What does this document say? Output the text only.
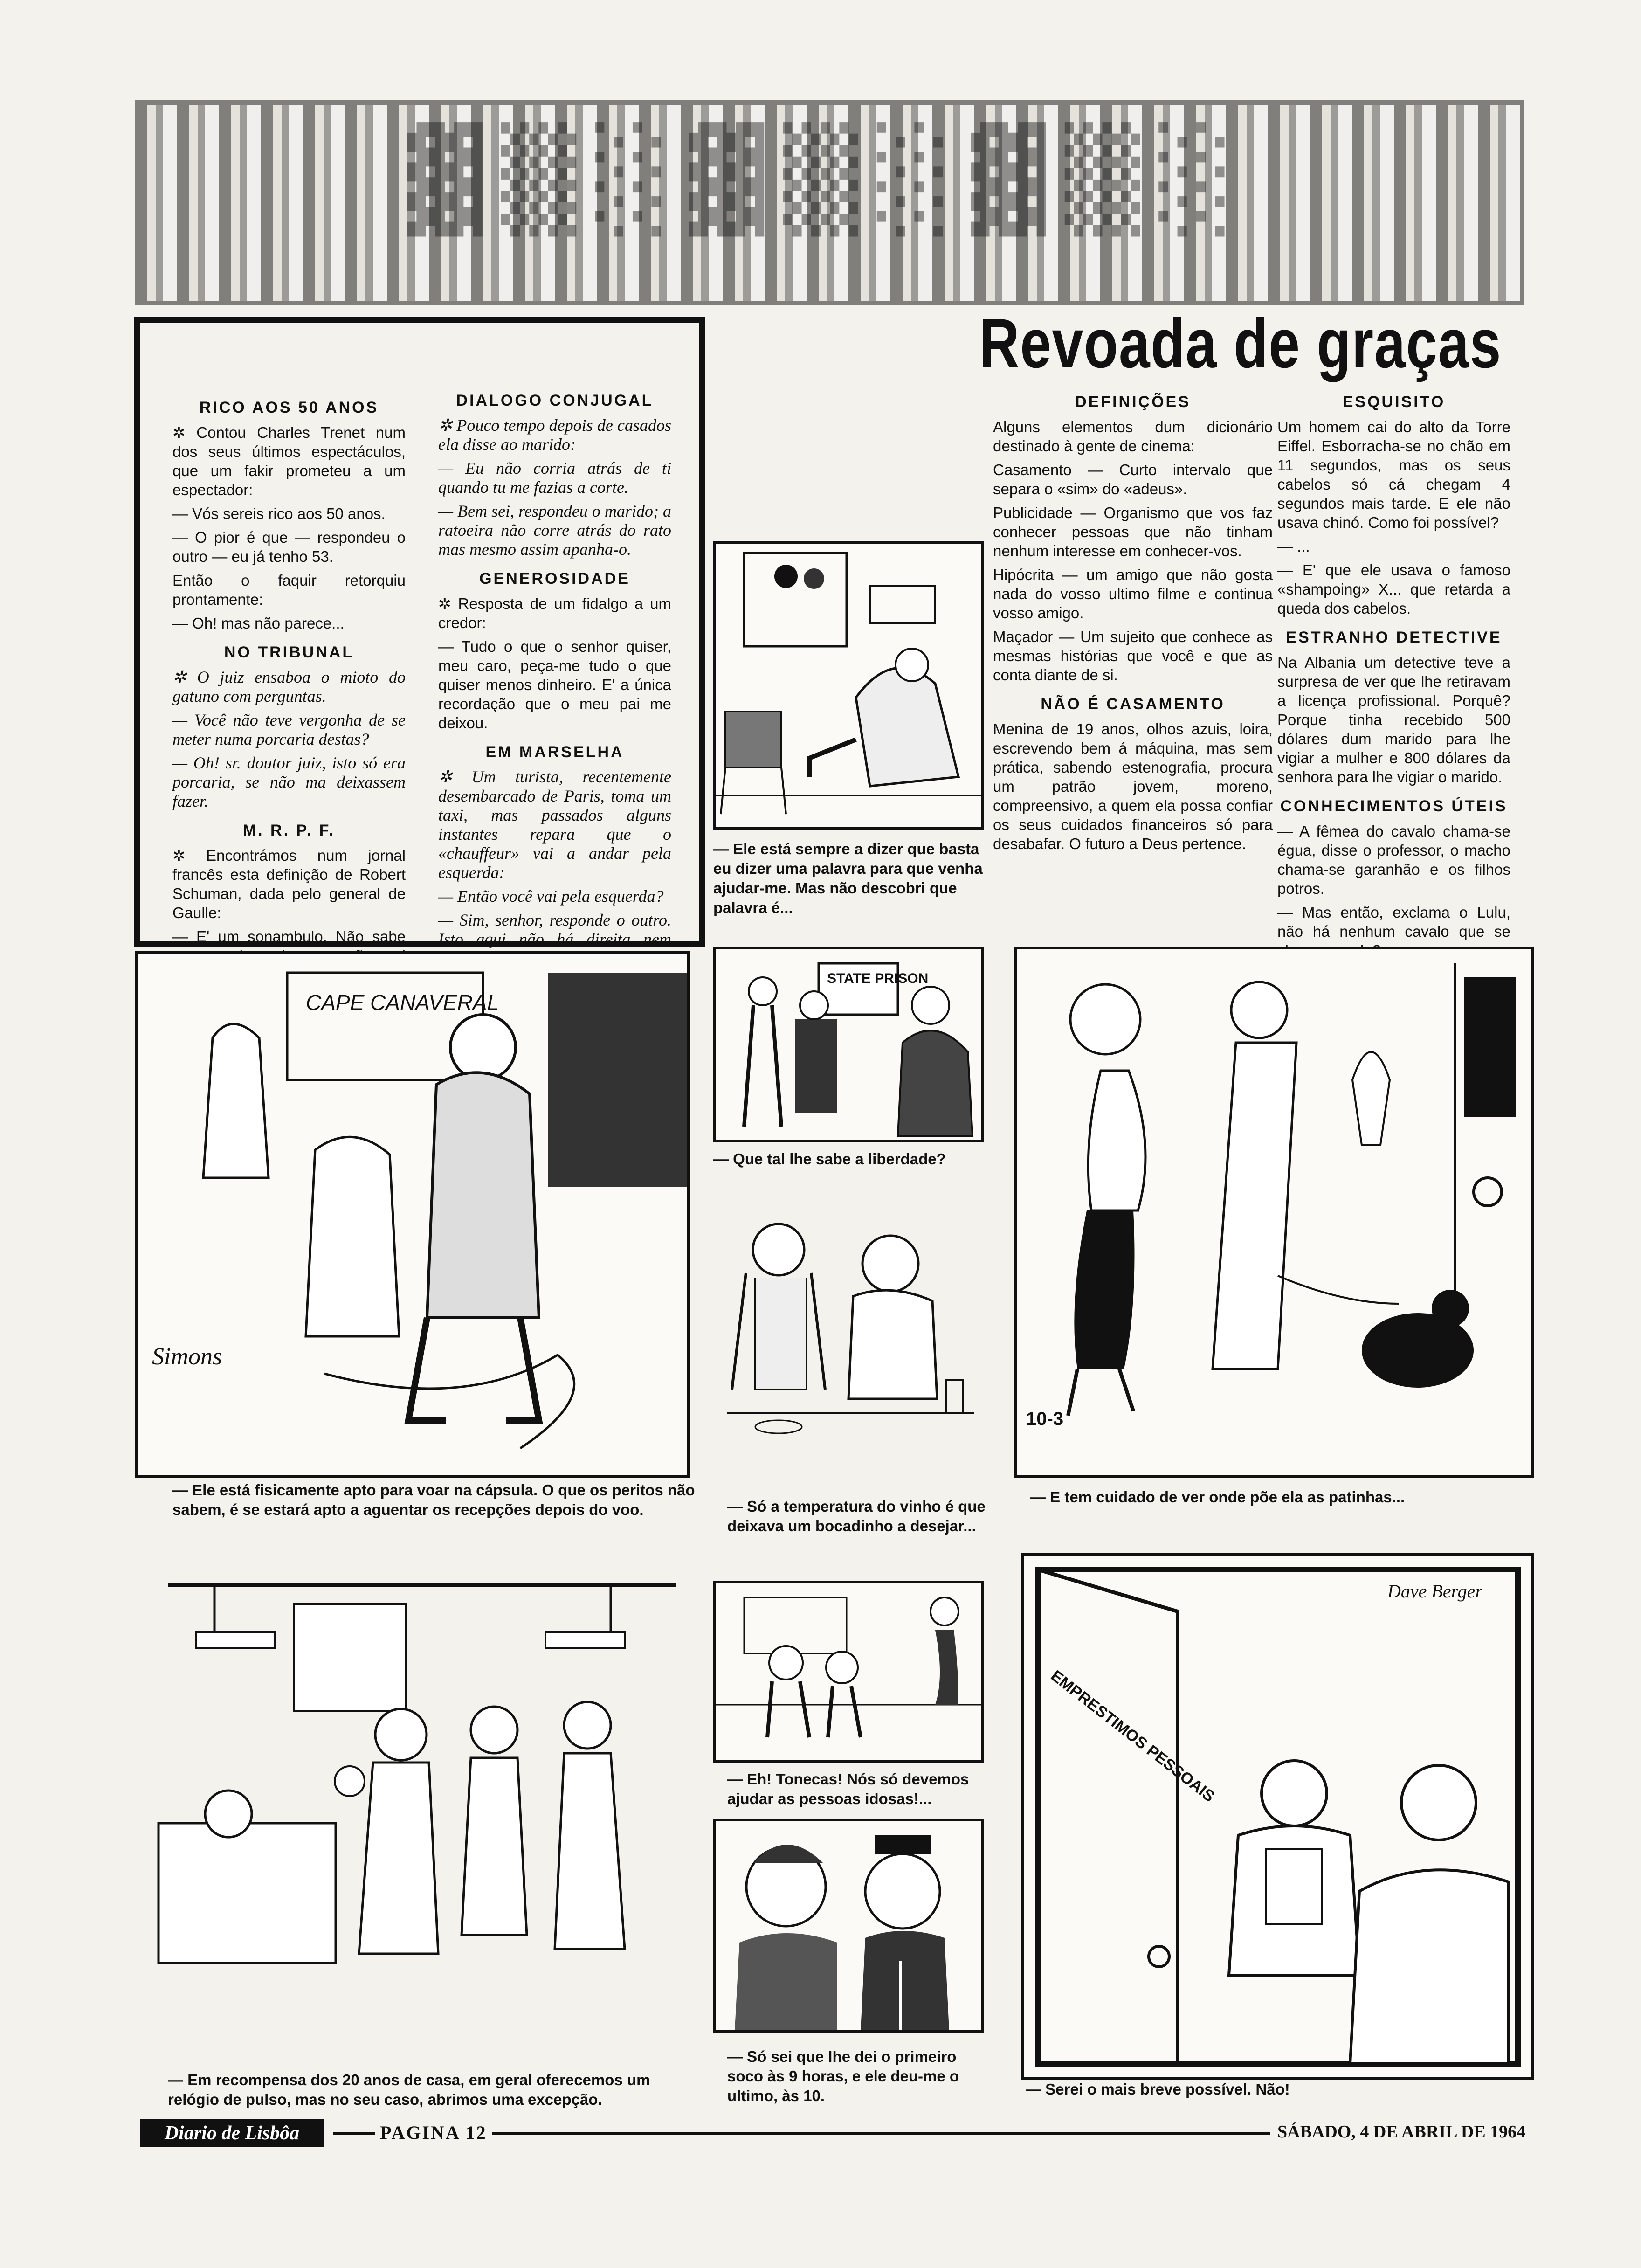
▓▒░▓▒░▓▒░
RICO AOS 50 ANOS

✲ Contou Charles Trenet num dos seus últimos espectáculos, que um fakir prometeu a um espectador:

— Vós sereis rico aos 50 anos.

— O pior é que — respondeu o outro — eu já tenho 53.

Então o faquir retorquiu prontamente:

— Oh! mas não parece...

NO TRIBUNAL

✲ O juiz ensaboa o mioto do gatuno com perguntas.

— Você não teve vergonha de se meter numa porcaria destas?

— Oh! sr. doutor juiz, isto só era porcaria, se não ma deixassem fazer.

M. R. P. F.

✲ Encontrámos num jornal francês esta definição de Robert Schuman, dada pelo general de Gaulle:

— E' um sonambulo. Não sabe

DIALOGO CONJUGAL

✲ Pouco tempo depois de casados ela disse ao marido:

— Eu não corria atrás de ti quando tu me fazias a corte.

— Bem sei, respondeu o marido; a ratoeira não corre atrás do rato mas mesmo assim apanha-o.

GENEROSIDADE

✲ Resposta de um fidalgo a um credor:

— Tudo o que o senhor quiser, meu caro, peça-me tudo o que quiser menos dinheiro. E' a única recordação que o meu pai me deixou.

EM MARSELHA

✲ Um turista, recentemente desembarcado de Paris, toma um taxi, mas passados alguns instantes repara que o «chauffeur» vai a andar pela esquerda:

— Então você vai pela esquerda?

— Sim, senhor, responde o outro. Isto aqui não há direita nem

Revoada de graças
DEFINIÇÕES

Alguns elementos dum dicionário destinado à gente de cinema:

Casamento — Curto intervalo que separa o «sim» do «adeus».

Publicidade — Organismo que vos faz conhecer pessoas que não tinham nenhum interesse em conhecer-vos.

Hipócrita — um amigo que não gosta nada do vosso ultimo filme e continua vosso amigo.

Maçador — Um sujeito que conhece as mesmas histórias que você e que as conta diante de si.

NÃO É CASAMENTO

Menina de 19 anos, olhos azuis, loira, escrevendo bem á máquina, mas sem prática, sabendo estenografia, procura um patrão jovem, moreno, compreensivo, a quem ela possa confiar os seus cuidados financeiros só para desabafar. O futuro a Deus pertence.

ESQUISITO

Um homem cai do alto da Torre Eiffel. Esborracha-se no chão em 11 segundos, mas os seus cabelos só cá chegam 4 segundos mais tarde. E ele não usava chinó. Como foi possível?

— ...

— E' que ele usava o famoso «shampoing» X... que retarda a queda dos cabelos.

ESTRANHO DETECTIVE

Na Albania um detective teve a surpresa de ver que lhe retiravam a licença profissional. Porquê? Porque tinha recebido 500 dólares dum marido para lhe vigiar a mulher e 800 dólares da senhora para lhe vigiar o marido.

CONHECIMENTOS ÚTEIS

— A fêmea do cavalo chama-se égua, disse o professor, o macho chama-se garanhão e os filhos potros.

— Mas então, exclama o Lulu, não há nenhum cavalo que se

— Ele está sempre a dizer que basta eu dizer uma palavra para que venha ajudar-me. Mas não descobri que palavra é...
CAPE CANAVERAL
Simons
— Ele está fisicamente apto para voar na cápsula. O que os peritos não sabem, é se estará apto a aguentar os recepções depois do voo.
STATE PRISON
— Que tal lhe sabe a liberdade?
— Só a temperatura do vinho é que deixava um bocadinho a desejar...
10-3
— E tem cuidado de ver onde põe ela as patinhas...
— Em recompensa dos 20 anos de casa, em geral oferecemos um relógio de pulso, mas no seu caso, abrimos uma excepção.
— Eh! Tonecas! Nós só devemos ajudar as pessoas idosas!...
— Só sei que lhe dei o primeiro soco às 9 horas, e ele deu-me o ultimo, às 10.
EMPRESTIMOS PESSOAIS
Dave Berger
— Serei o mais breve possível. Não!
Diario de Lisbôa	PAGINA 12	SÁBADO, 4 DE ABRIL DE 1964
